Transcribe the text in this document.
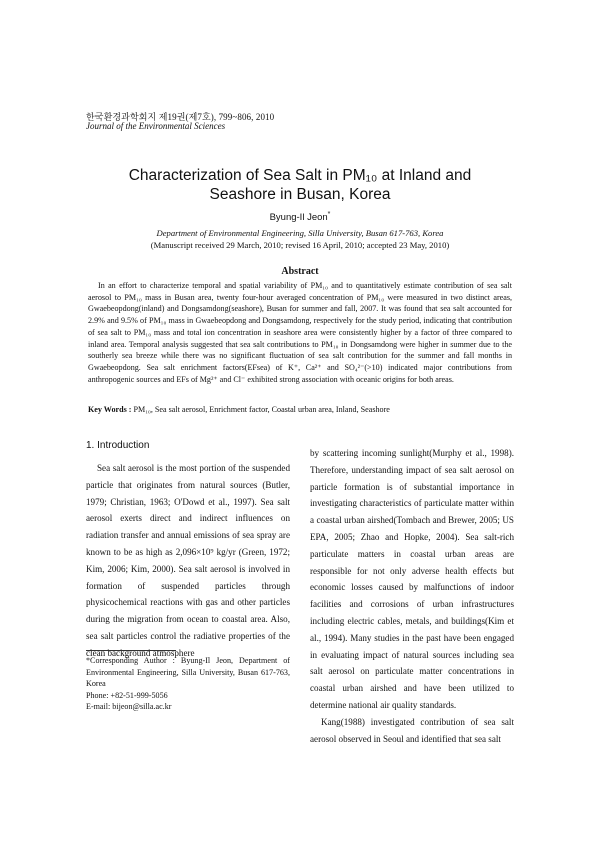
한국환경과학회지 제19권(제7호), 799~806, 2010
Journal of the Environmental Sciences
Characterization of Sea Salt in PM₁₀ at Inland and
Seashore in Busan, Korea
Byung-Il Jeon*
Department of Environmental Engineering, Silla University, Busan 617-763, Korea
(Manuscript received 29 March, 2010; revised 16 April, 2010; accepted 23 May, 2010)
Abstract
In an effort to characterize temporal and spatial variability of PM₁₀ and to quantitatively estimate contribution of sea salt aerosol to PM₁₀ mass in Busan area, twenty four-hour averaged concentration of PM₁₀ were measured in two distinct areas, Gwaebeopdong(inland) and Dongsamdong(seashore), Busan for summer and fall, 2007. It was found that sea salt accounted for 2.9% and 9.5% of PM₁₀ mass in Gwaebeopdong and Dongsamdong, respectively for the study period, indicating that contribution of sea salt to PM₁₀ mass and total ion concentration in seashore area were consistently higher by a factor of three compared to inland area. Temporal analysis suggested that sea salt contributions to PM₁₀ in Dongsamdong were higher in summer due to the southerly sea breeze while there was no significant fluctuation of sea salt contribution for the summer and fall months in Gwaebeopdong. Sea salt enrichment factors(EFsea) of K⁺, Ca²⁺ and SO₄²⁻(>10) indicated major contributions from anthropogenic sources and EFs of Mg²⁺ and Cl⁻ exhibited strong association with oceanic origins for both areas.
Key Words : PM₁₀, Sea salt aerosol, Enrichment factor, Coastal urban area, Inland, Seashore
1. Introduction

Sea salt aerosol is the most portion of the suspended particle that originates from natural sources (Butler, 1979; Christian, 1963; O'Dowd et al., 1997). Sea salt aerosol exerts direct and indirect influences on radiation transfer and annual emissions of sea spray are known to be as high as 2,096×10⁹ kg/yr (Green, 1972; Kim, 2006; Kim, 2000). Sea salt aerosol is involved in formation of suspended particles through physicochemical reactions with gas and other particles during the migration from ocean to coastal area. Also, sea salt particles control the radiative properties of the clean background atmosphere

by scattering incoming sunlight(Murphy et al., 1998). Therefore, understanding impact of sea salt aerosol on particle formation is of substantial importance in investigating characteristics of particulate matter within a coastal urban airshed(Tombach and Brewer, 2005; US EPA, 2005; Zhao and Hopke, 2004). Sea salt-rich particulate matters in coastal urban areas are responsible for not only adverse health effects but economic losses caused by malfunctions of indoor facilities and corrosions of urban infrastructures including electric cables, metals, and buildings(Kim et al., 1994). Many studies in the past have been engaged in evaluating impact of natural sources including sea salt aerosol on particulate matter concentrations in coastal urban airshed and have been utilized to determine national air quality standards.

Kang(1988) investigated contribution of sea salt aerosol observed in Seoul and identified that sea salt

*Corresponding Author : Byung-Il Jeon, Department of Environmental Engineering, Silla University, Busan 617-763, Korea
Phone: +82-51-999-5056
E-mail: bijeon@silla.ac.kr
